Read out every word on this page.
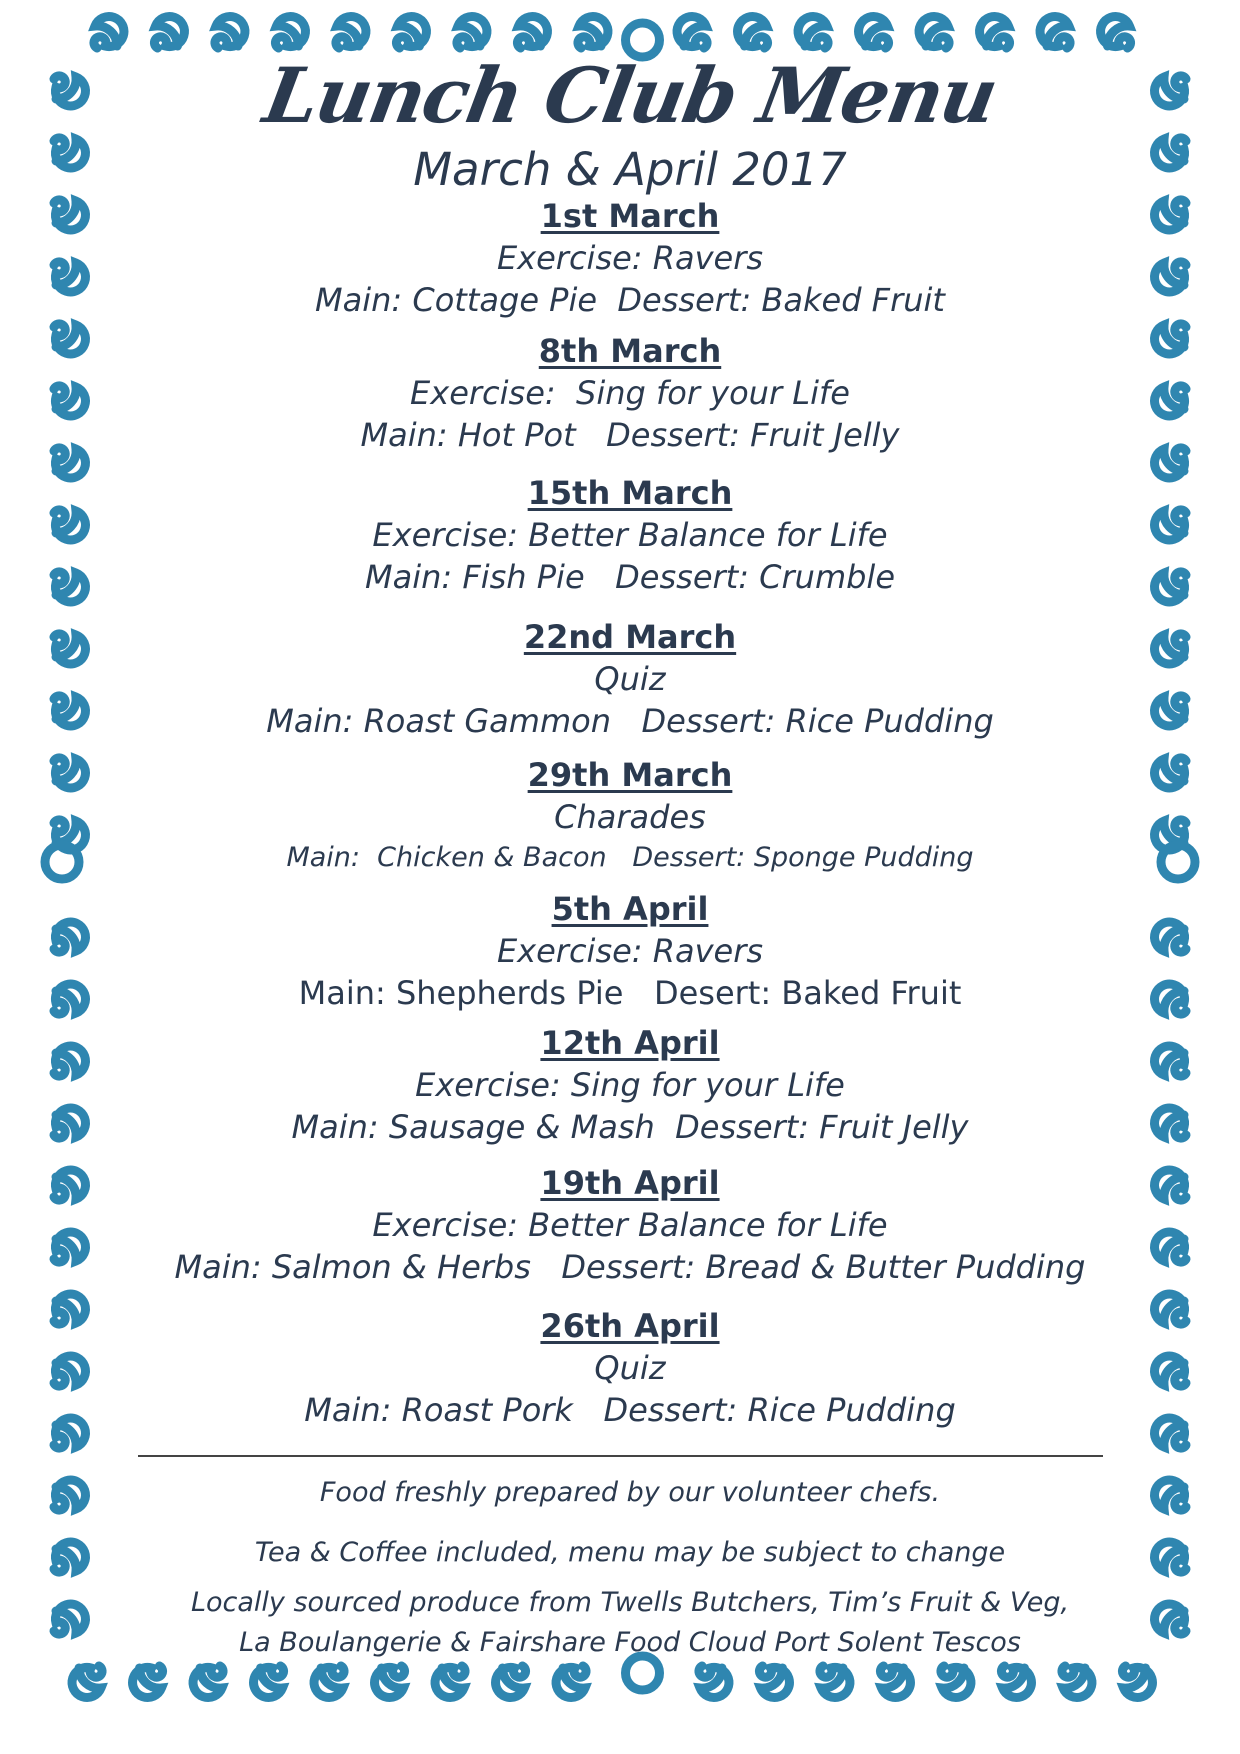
Lunch Club Menu
March & April 2017
1st March
Exercise: Ravers
Main: Cottage Pie  Dessert: Baked Fruit
8th March
Exercise:  Sing for your Life
Main: Hot Pot   Dessert: Fruit Jelly
15th March
Exercise: Better Balance for Life
Main: Fish Pie   Dessert: Crumble
22nd March
Quiz
Main: Roast Gammon   Dessert: Rice Pudding
29th March
Charades
Main:  Chicken & Bacon   Dessert: Sponge Pudding
5th April
Exercise: Ravers
Main: Shepherds Pie   Desert: Baked Fruit
12th April
Exercise: Sing for your Life
Main: Sausage & Mash  Dessert: Fruit Jelly
19th April
Exercise: Better Balance for Life
Main: Salmon & Herbs   Dessert: Bread & Butter Pudding
26th April
Quiz
Main: Roast Pork   Dessert: Rice Pudding
Food freshly prepared by our volunteer chefs.
Tea & Coffee included, menu may be subject to change
Locally sourced produce from Twells Butchers, Tim’s Fruit & Veg,
La Boulangerie & Fairshare Food Cloud Port Solent Tescos
